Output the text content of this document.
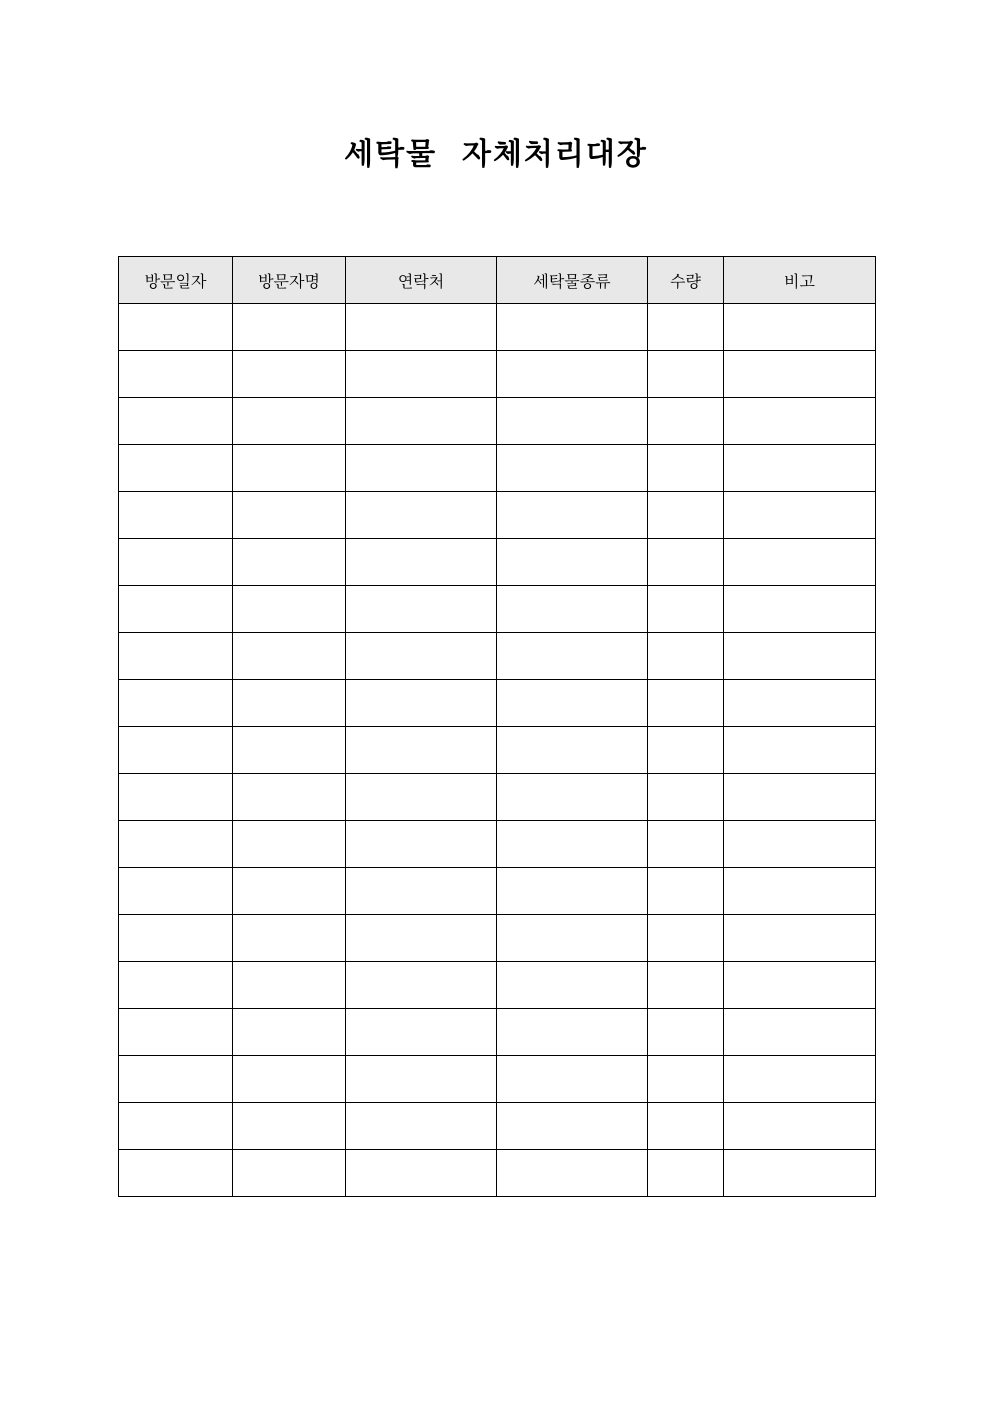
세탁물  자체처리대장
방문일자	방문자명	연락처	세탁물종류	수량	비고
